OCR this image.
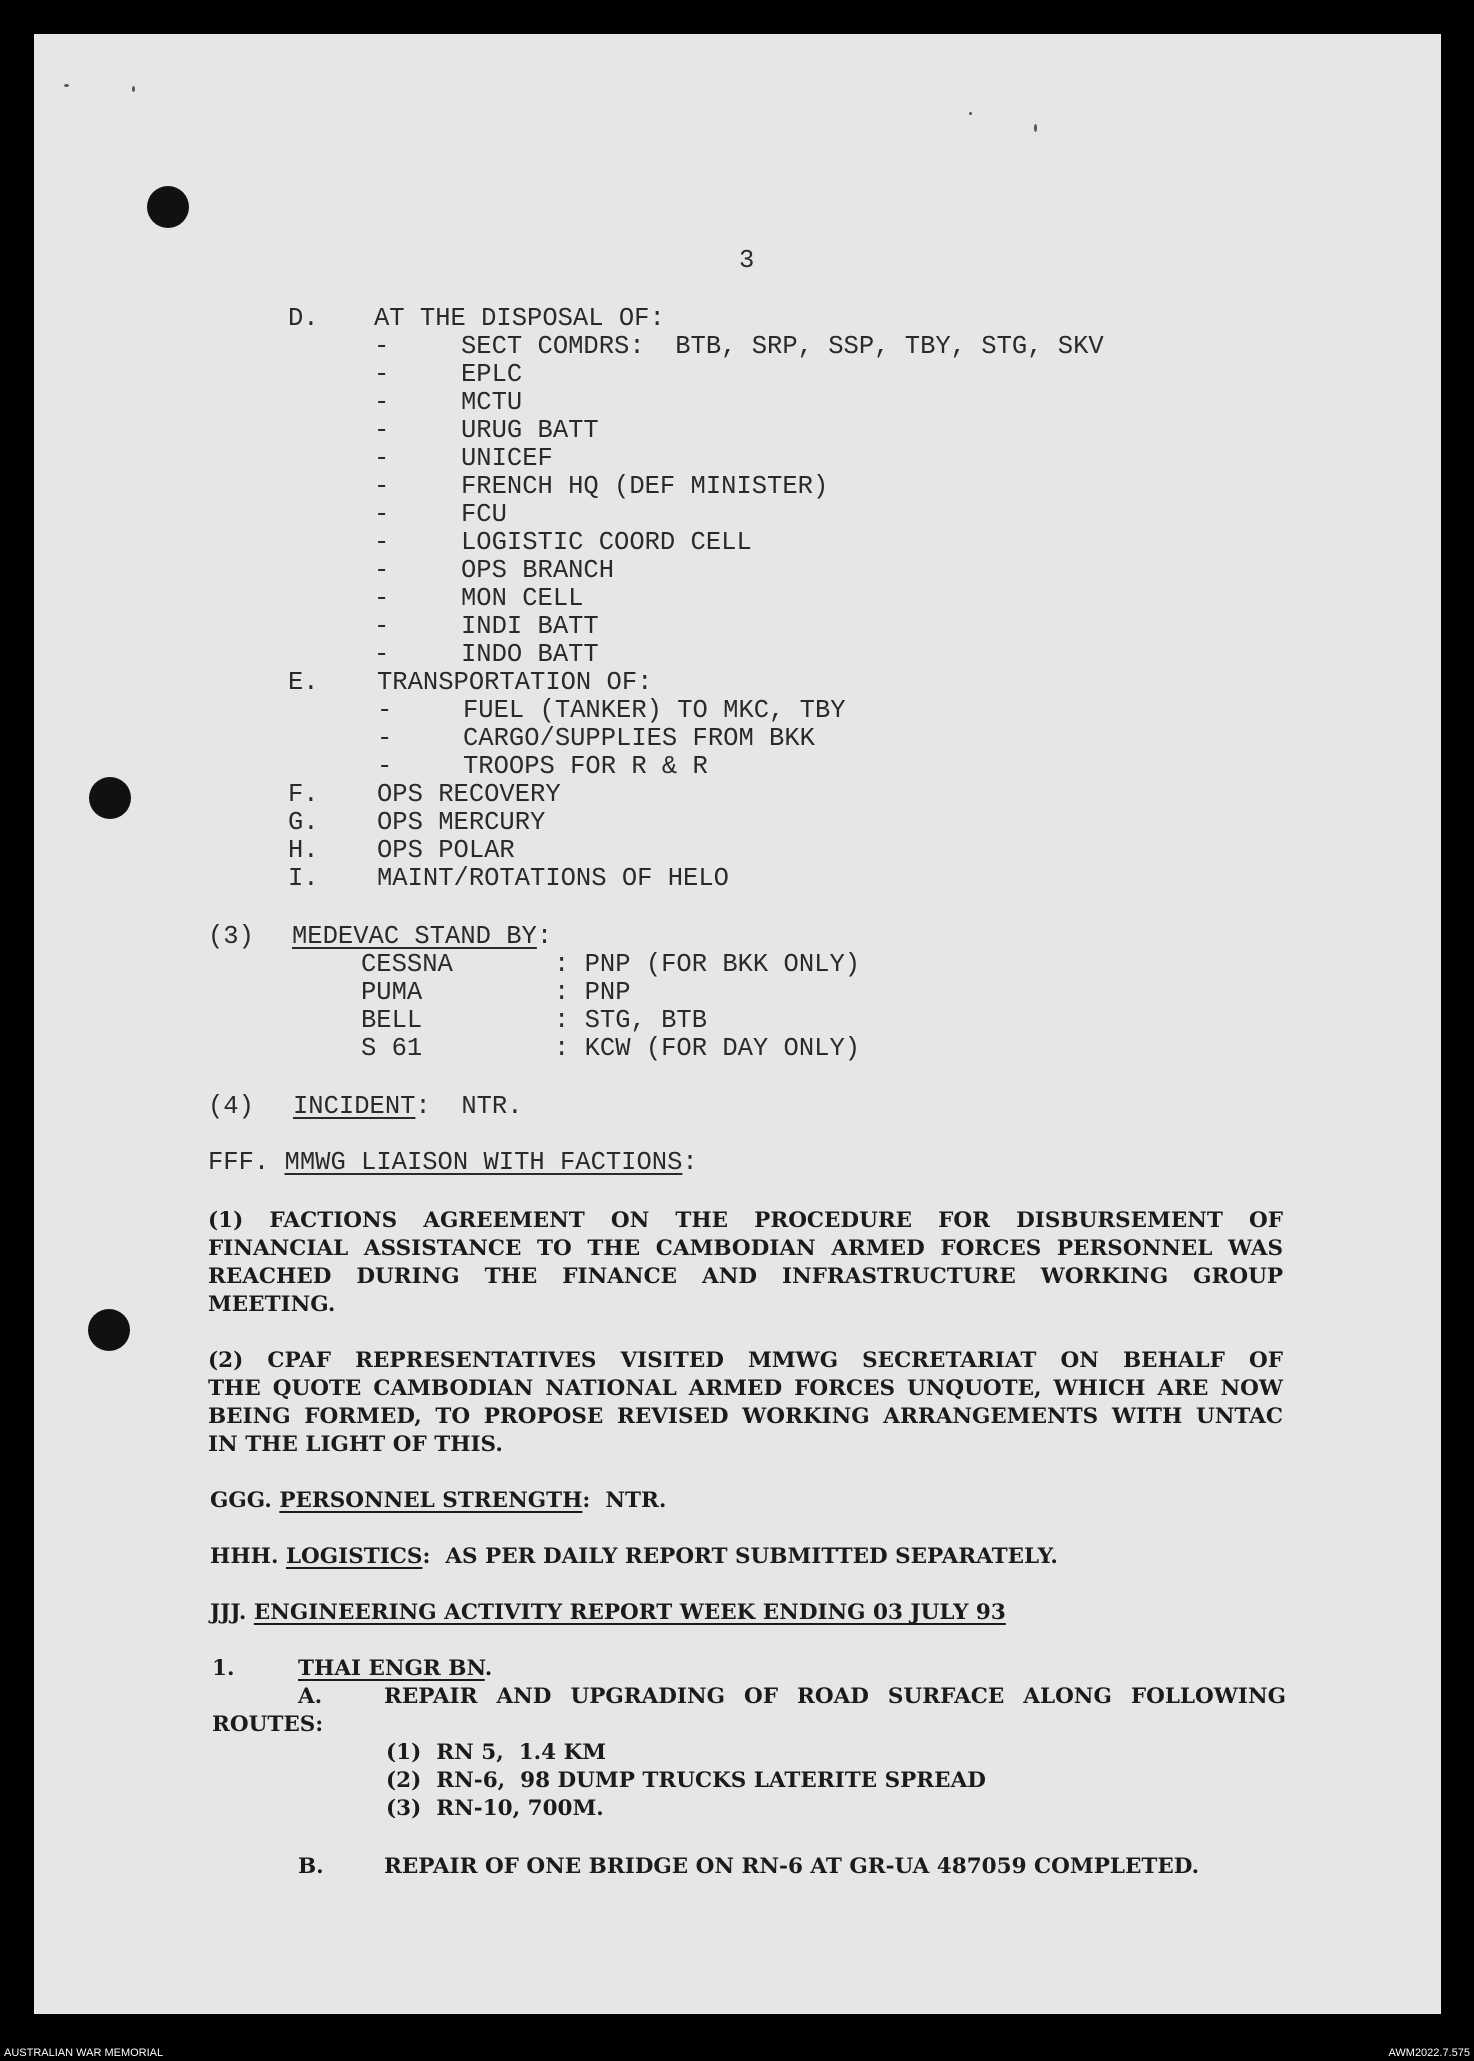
3
D. AT THE DISPOSAL OF:
-	SECT COMDRS:  BTB, SRP, SSP, TBY, STG, SKV
-	EPLC
-	MCTU
-	URUG BATT
-	UNICEF
-	FRENCH HQ (DEF MINISTER)
-	FCU
-	LOGISTIC COORD CELL
-	OPS BRANCH
-	MON CELL
-	INDI BATT
-	INDO BATT
E. TRANSPORTATION OF:
-	FUEL (TANKER) TO MKC, TBY
-	CARGO/SUPPLIES FROM BKK
-	TROOPS FOR R & R
F. OPS RECOVERY
G. OPS MERCURY
H. OPS POLAR
I. MAINT/ROTATIONS OF HELO
(3) MEDEVAC STAND BY:
CESSNA	: PNP (FOR BKK ONLY)
PUMA	: PNP
BELL	: STG, BTB
S 61	: KCW (FOR DAY ONLY)
(4) INCIDENT:  NTR.
FFF. MMWG LIAISON WITH FACTIONS:
(1) FACTIONS AGREEMENT ON THE PROCEDURE FOR DISBURSEMENT OF
FINANCIAL ASSISTANCE TO THE CAMBODIAN ARMED FORCES PERSONNEL WAS
REACHED DURING THE FINANCE AND INFRASTRUCTURE WORKING GROUP
MEETING.
(2) CPAF REPRESENTATIVES VISITED MMWG SECRETARIAT ON BEHALF OF
THE QUOTE CAMBODIAN NATIONAL ARMED FORCES UNQUOTE, WHICH ARE NOW
BEING FORMED, TO PROPOSE REVISED WORKING ARRANGEMENTS WITH UNTAC
IN THE LIGHT OF THIS.
GGG. PERSONNEL STRENGTH:  NTR.
HHH. LOGISTICS:  AS PER DAILY REPORT SUBMITTED SEPARATELY.
JJJ. ENGINEERING ACTIVITY REPORT WEEK ENDING 03 JULY 93
1.	THAI ENGR BN.
A.	REPAIR AND UPGRADING OF ROAD SURFACE ALONG FOLLOWING
ROUTES:
(1)  RN 5,  1.4 KM
(2)  RN-6,  98 DUMP TRUCKS LATERITE SPREAD
(3)  RN-10, 700M.
B.	REPAIR OF ONE BRIDGE ON RN-6 AT GR-UA 487059 COMPLETED.
AUSTRALIAN WAR MEMORIAL	AWM2022.7.575
